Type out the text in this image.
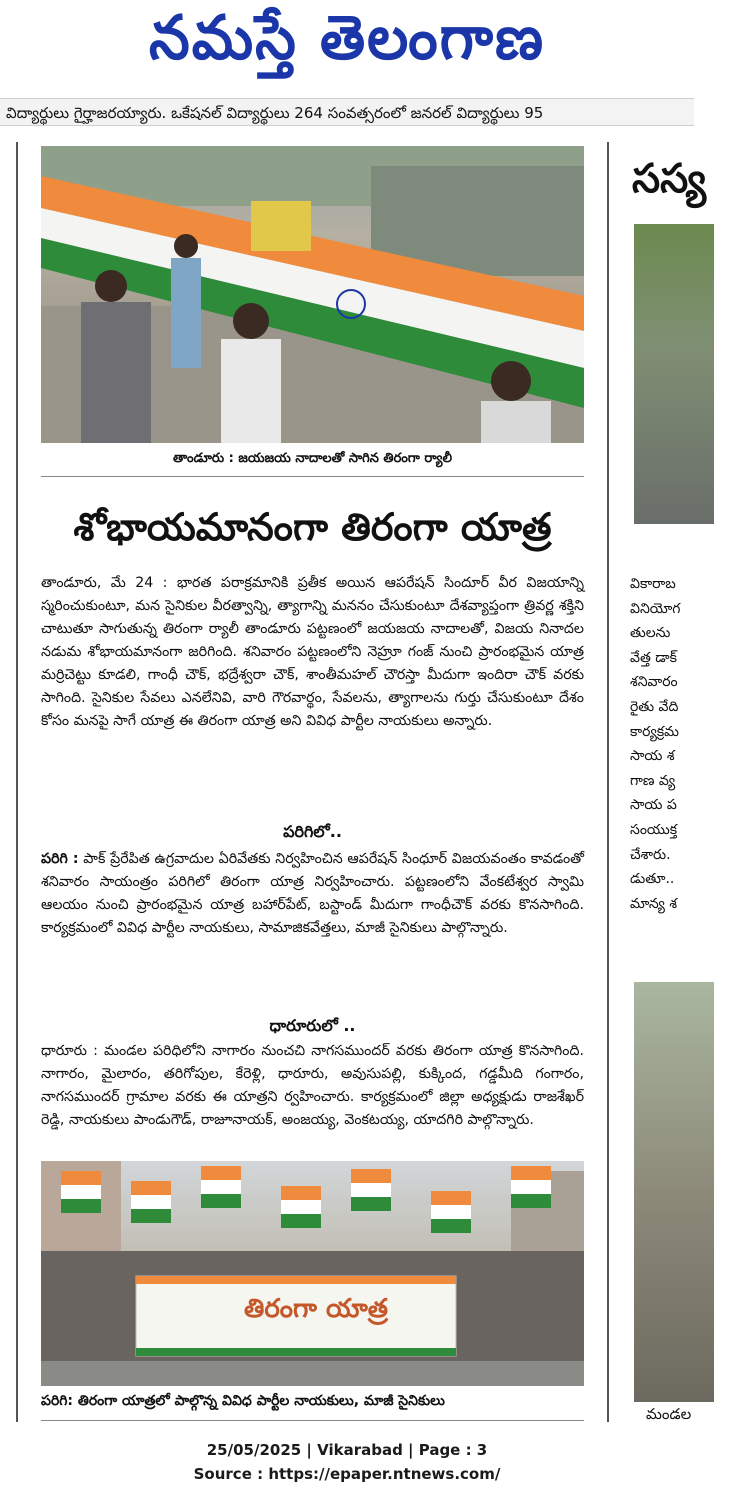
నమస్తే తెలంగాణ
విద్యార్థులు గైర్హాజరయ్యారు. ఒకేషనల్ విద్యార్థులు 264 సంవత్సరంలో జనరల్ విద్యార్థులు 95
తాండూరు : జయజయ నాదాలతో సాగిన తిరంగా ర్యాలీ
శోభాయమానంగా తిరంగా యాత్ర
తాండూరు, మే 24 : భారత పరాక్రమానికి ప్రతీక అయిన ఆపరేషన్ సిందూర్ వీర విజయాన్ని స్మరించుకుంటూ, మన సైనికుల వీరత్వాన్ని, త్యాగాన్ని మననం చేసుకుంటూ దేశవ్యాప్తంగా త్రివర్ణ శక్తిని చాటుతూ సాగుతున్న తిరంగా ర్యాలీ తాండూరు పట్టణంలో జయజయ నాదాలతో, విజయ నినాదల నడుమ శోభాయమానంగా జరిగింది. శనివారం పట్టణంలోని నెహ్రూ గంజ్ నుంచి ప్రారంభమైన యాత్ర మర్రిచెట్టు కూడలి, గాంధీ చౌక్, భద్రేశ్వరా చౌక్, శాంతీమహల్ చౌరస్తా మీదుగా ఇందిరా చౌక్ వరకు సాగింది. సైనికుల సేవలు ఎనలేనివి, వారి గౌరవార్థం, సేవలను, త్యాగాలను గుర్తు చేసుకుంటూ దేశం కోసం మనపై సాగే యాత్ర ఈ తిరంగా యాత్ర అని వివిధ పార్టీల నాయకులు అన్నారు.
పరిగిలో..
పరిగి : పాక్ ప్రేరేపిత ఉగ్రవాదుల ఏరివేతకు నిర్వహించిన ఆపరేషన్ సింధూర్ విజయవంతం కావడంతో శనివారం సాయంత్రం పరిగిలో తిరంగా యాత్ర నిర్వహించారు. పట్టణంలోని వేంకటేశ్వర స్వామి ఆలయం నుంచి ప్రారంభమైన యాత్ర బహార్‌పేట్, బస్టాండ్ మీదుగా గాంధీచౌక్ వరకు కొనసాగింది. కార్యక్రమంలో వివిధ పార్టీల నాయకులు, సామాజికవేత్తలు, మాజీ సైనికులు పాల్గొన్నారు.
ధారూరులో ..
ధారూరు : మండల పరిధిలోని నాగారం నుంచచి నాగసముందర్ వరకు తిరంగా యాత్ర కొనసాగింది. నాగారం, మైలారం, తరిగోపుల, కేరెళ్లి, ధారూరు, అవుసుపల్లి, కుక్కింద, గడ్డమీది గంగారం, నాగసముందర్ గ్రామాల వరకు ఈ యాత్రని ర్వహించారు. కార్యక్రమంలో జిల్లా అధ్యక్షుడు రాజశేఖర్ రెడ్డి, నాయకులు పాండుగౌడ్, రాజూనాయక్, అంజయ్య, వెంకటయ్య, యాదగిరి పాల్గొన్నారు.
తిరంగా యాత్ర
పరిగి: తిరంగా యాత్రలో పాల్గొన్న వివిధ పార్టీల నాయకులు, మాజీ సైనికులు
సస్య
వికారాబ
వినియోగ
తులను
వేత్త డాక్
శనివారం
రైతు వేది
కార్యక్రమ
సాయ శ
గాణ వ్య
సాయ ప
సంయుక్త
చేశారు.
డుతూ..
మాన్య శ
మండల
25/05/2025 | Vikarabad | Page : 3
Source : https://epaper.ntnews.com/
